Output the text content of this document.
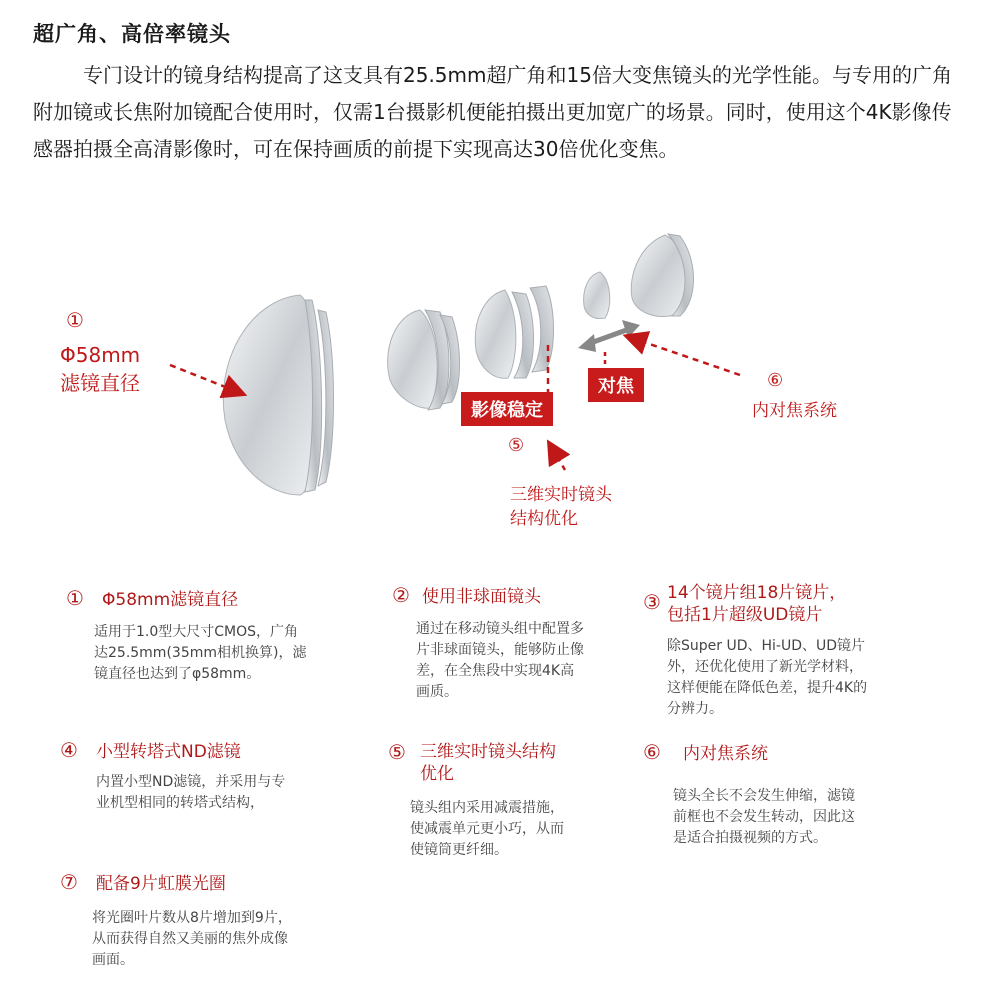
超广角、高倍率镜头

专门设计的镜身结构提高了这支具有25.5mm超广角和15倍大变焦镜头的光学性能。与专用的广角附加镜或长焦附加镜配合使用时，仅需1台摄影机便能拍摄出更加宽广的场景。同时，使用这个4K影像传感器拍摄全高清影像时，可在保持画质的前提下实现高达30倍优化变焦。

①
Φ58mm
滤镜直径
影像稳定
对焦
⑤
三维实时镜头
结构优化
⑥
内对焦系统
① Φ58mm滤镜直径
适用于1.0型大尺寸CMOS，广角
达25.5mm(35mm相机换算)，滤
镜直径也达到了φ58mm。
② 使用非球面镜头
通过在移动镜头组中配置多
片非球面镜头，能够防止像
差，在全焦段中实现4K高
画质。
③ 14个镜片组18片镜片，
包括1片超级UD镜片
除Super UD、Hi-UD、UD镜片
外，还优化使用了新光学材料，
这样便能在降低色差，提升4K的
分辨力。
④ 小型转塔式ND滤镜
内置小型ND滤镜，并采用与专
业机型相同的转塔式结构，
⑤ 三维实时镜头结构
优化
镜头组内采用减震措施，
使减震单元更小巧，从而
使镜筒更纤细。
⑥ 内对焦系统
镜头全长不会发生伸缩，滤镜
前框也不会发生转动，因此这
是适合拍摄视频的方式。
⑦ 配备9片虹膜光圈
将光圈叶片数从8片增加到9片，
从而获得自然又美丽的焦外成像
画面。
